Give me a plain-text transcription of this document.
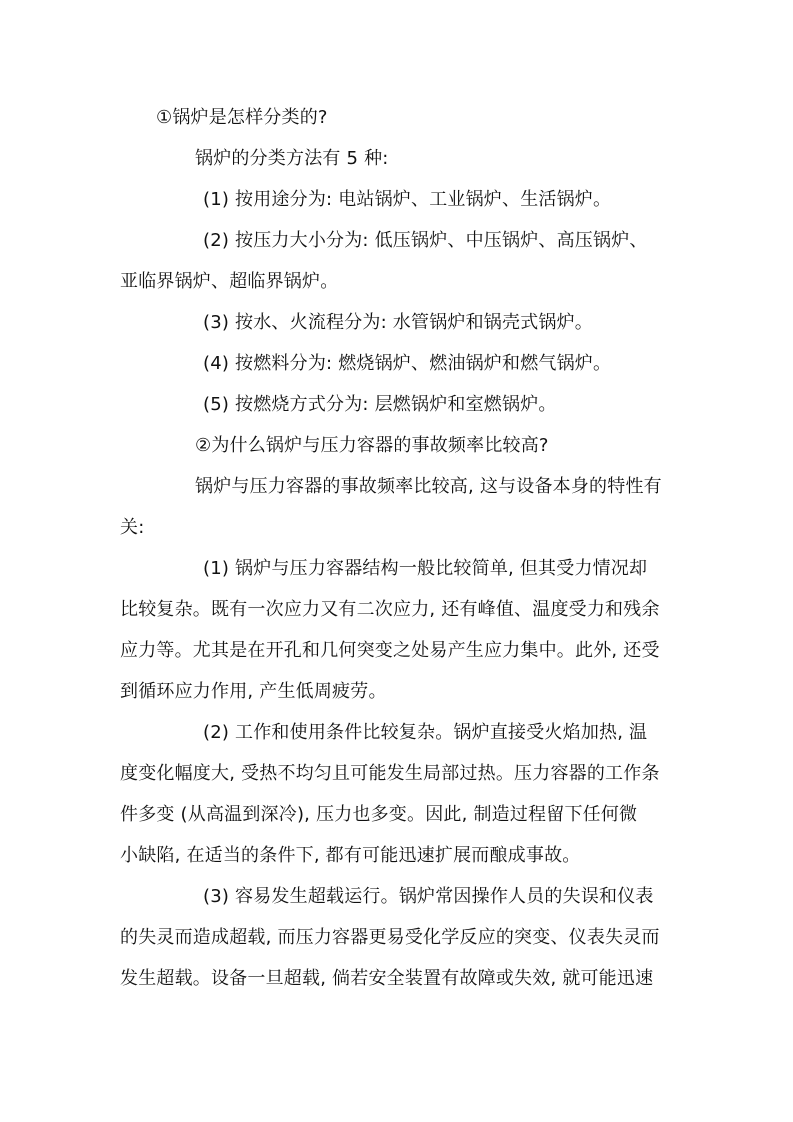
①锅炉是怎样分类的?
锅炉的分类方法有 5 种:
(1) 按用途分为: 电站锅炉、工业锅炉、生活锅炉。
(2) 按压力大小分为: 低压锅炉、中压锅炉、高压锅炉、
亚临界锅炉、超临界锅炉。
(3) 按水、火流程分为: 水管锅炉和锅壳式锅炉。
(4) 按燃料分为: 燃烧锅炉、燃油锅炉和燃气锅炉。
(5) 按燃烧方式分为: 层燃锅炉和室燃锅炉。
②为什么锅炉与压力容器的事故频率比较高?
锅炉与压力容器的事故频率比较高, 这与设备本身的特性有
关:
(1) 锅炉与压力容器结构一般比较简单, 但其受力情况却
比较复杂。既有一次应力又有二次应力, 还有峰值、温度受力和残余
应力等。尤其是在开孔和几何突变之处易产生应力集中。此外, 还受
到循环应力作用, 产生低周疲劳。
(2) 工作和使用条件比较复杂。锅炉直接受火焰加热, 温
度变化幅度大, 受热不均匀且可能发生局部过热。压力容器的工作条
件多变 (从高温到深冷), 压力也多变。因此, 制造过程留下任何微
小缺陷, 在适当的条件下, 都有可能迅速扩展而酿成事故。
(3) 容易发生超载运行。锅炉常因操作人员的失误和仪表
的失灵而造成超载, 而压力容器更易受化学反应的突变、仪表失灵而
发生超载。设备一旦超载, 倘若安全装置有故障或失效, 就可能迅速
